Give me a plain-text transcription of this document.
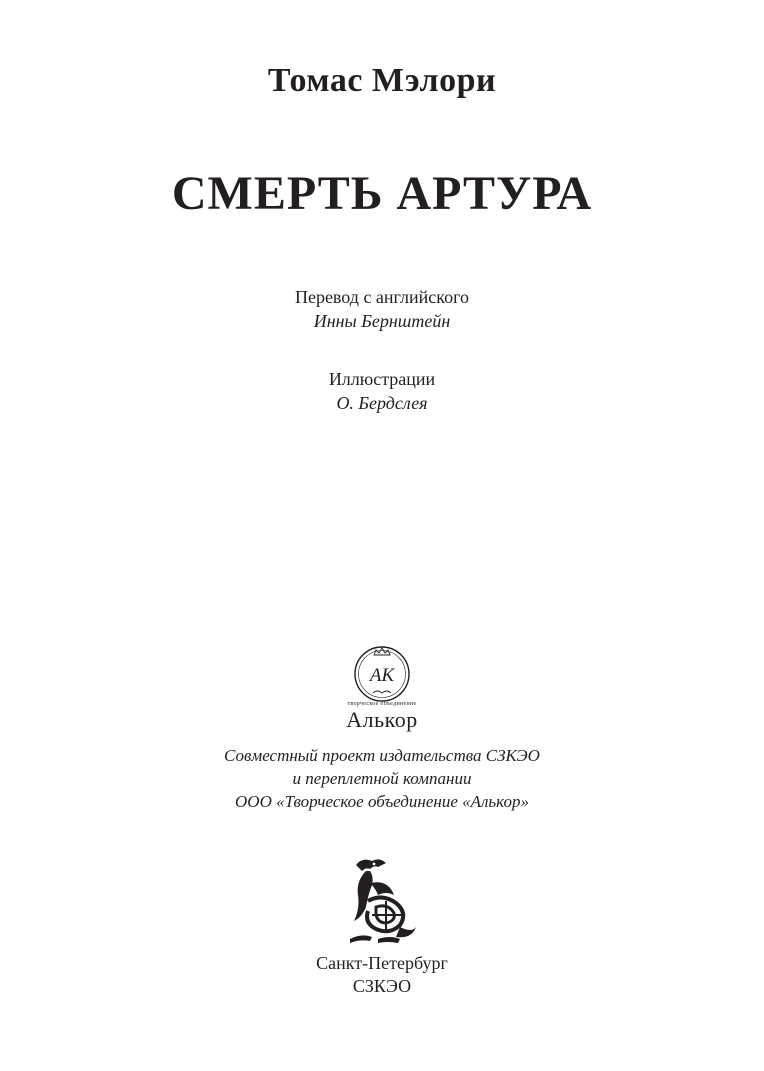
Томас Мэлори
СМЕРТЬ АРТУРА
Перевод с английского
Инны Бернштейн
Иллюстрации
О. Бердслея
АК
творческое объединение
Алькор
Совместный проект издательства СЗКЭО
и переплетной компании
ООО «Творческое объединение «Алькор»
Санкт-Петербург
СЗКЭО
